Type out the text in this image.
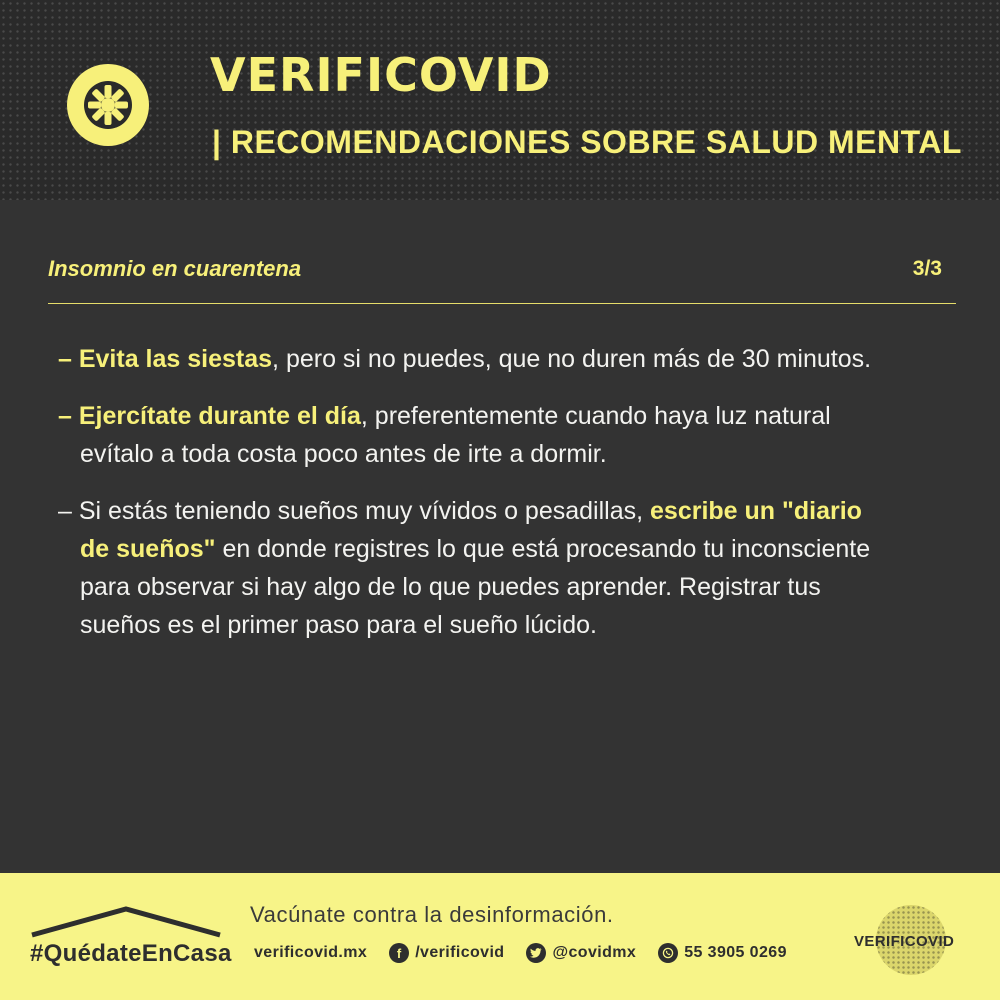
VERIFICOVID
| RECOMENDACIONES SOBRE SALUD MENTAL
Insomnio en cuarentena	3/3
– Evita las siestas, pero si no puedes, que no duren más de 30 minutos.
– Ejercítate durante el día, preferentemente cuando haya luz natural evítalo a toda costa poco antes de irte a dormir.
– Si estás teniendo sueños muy vívidos o pesadillas, escribe un "diario de sueños" en donde registres lo que está procesando tu inconsciente para observar si hay algo de lo que puedes aprender. Registrar tus sueños es el primer paso para el sueño lúcido.
#QuédateEnCasa
Vacúnate contra la desinformación.
verificovid.mx	f /verificovid	@covidmx	55 3905 0269
VERIFICOVID
